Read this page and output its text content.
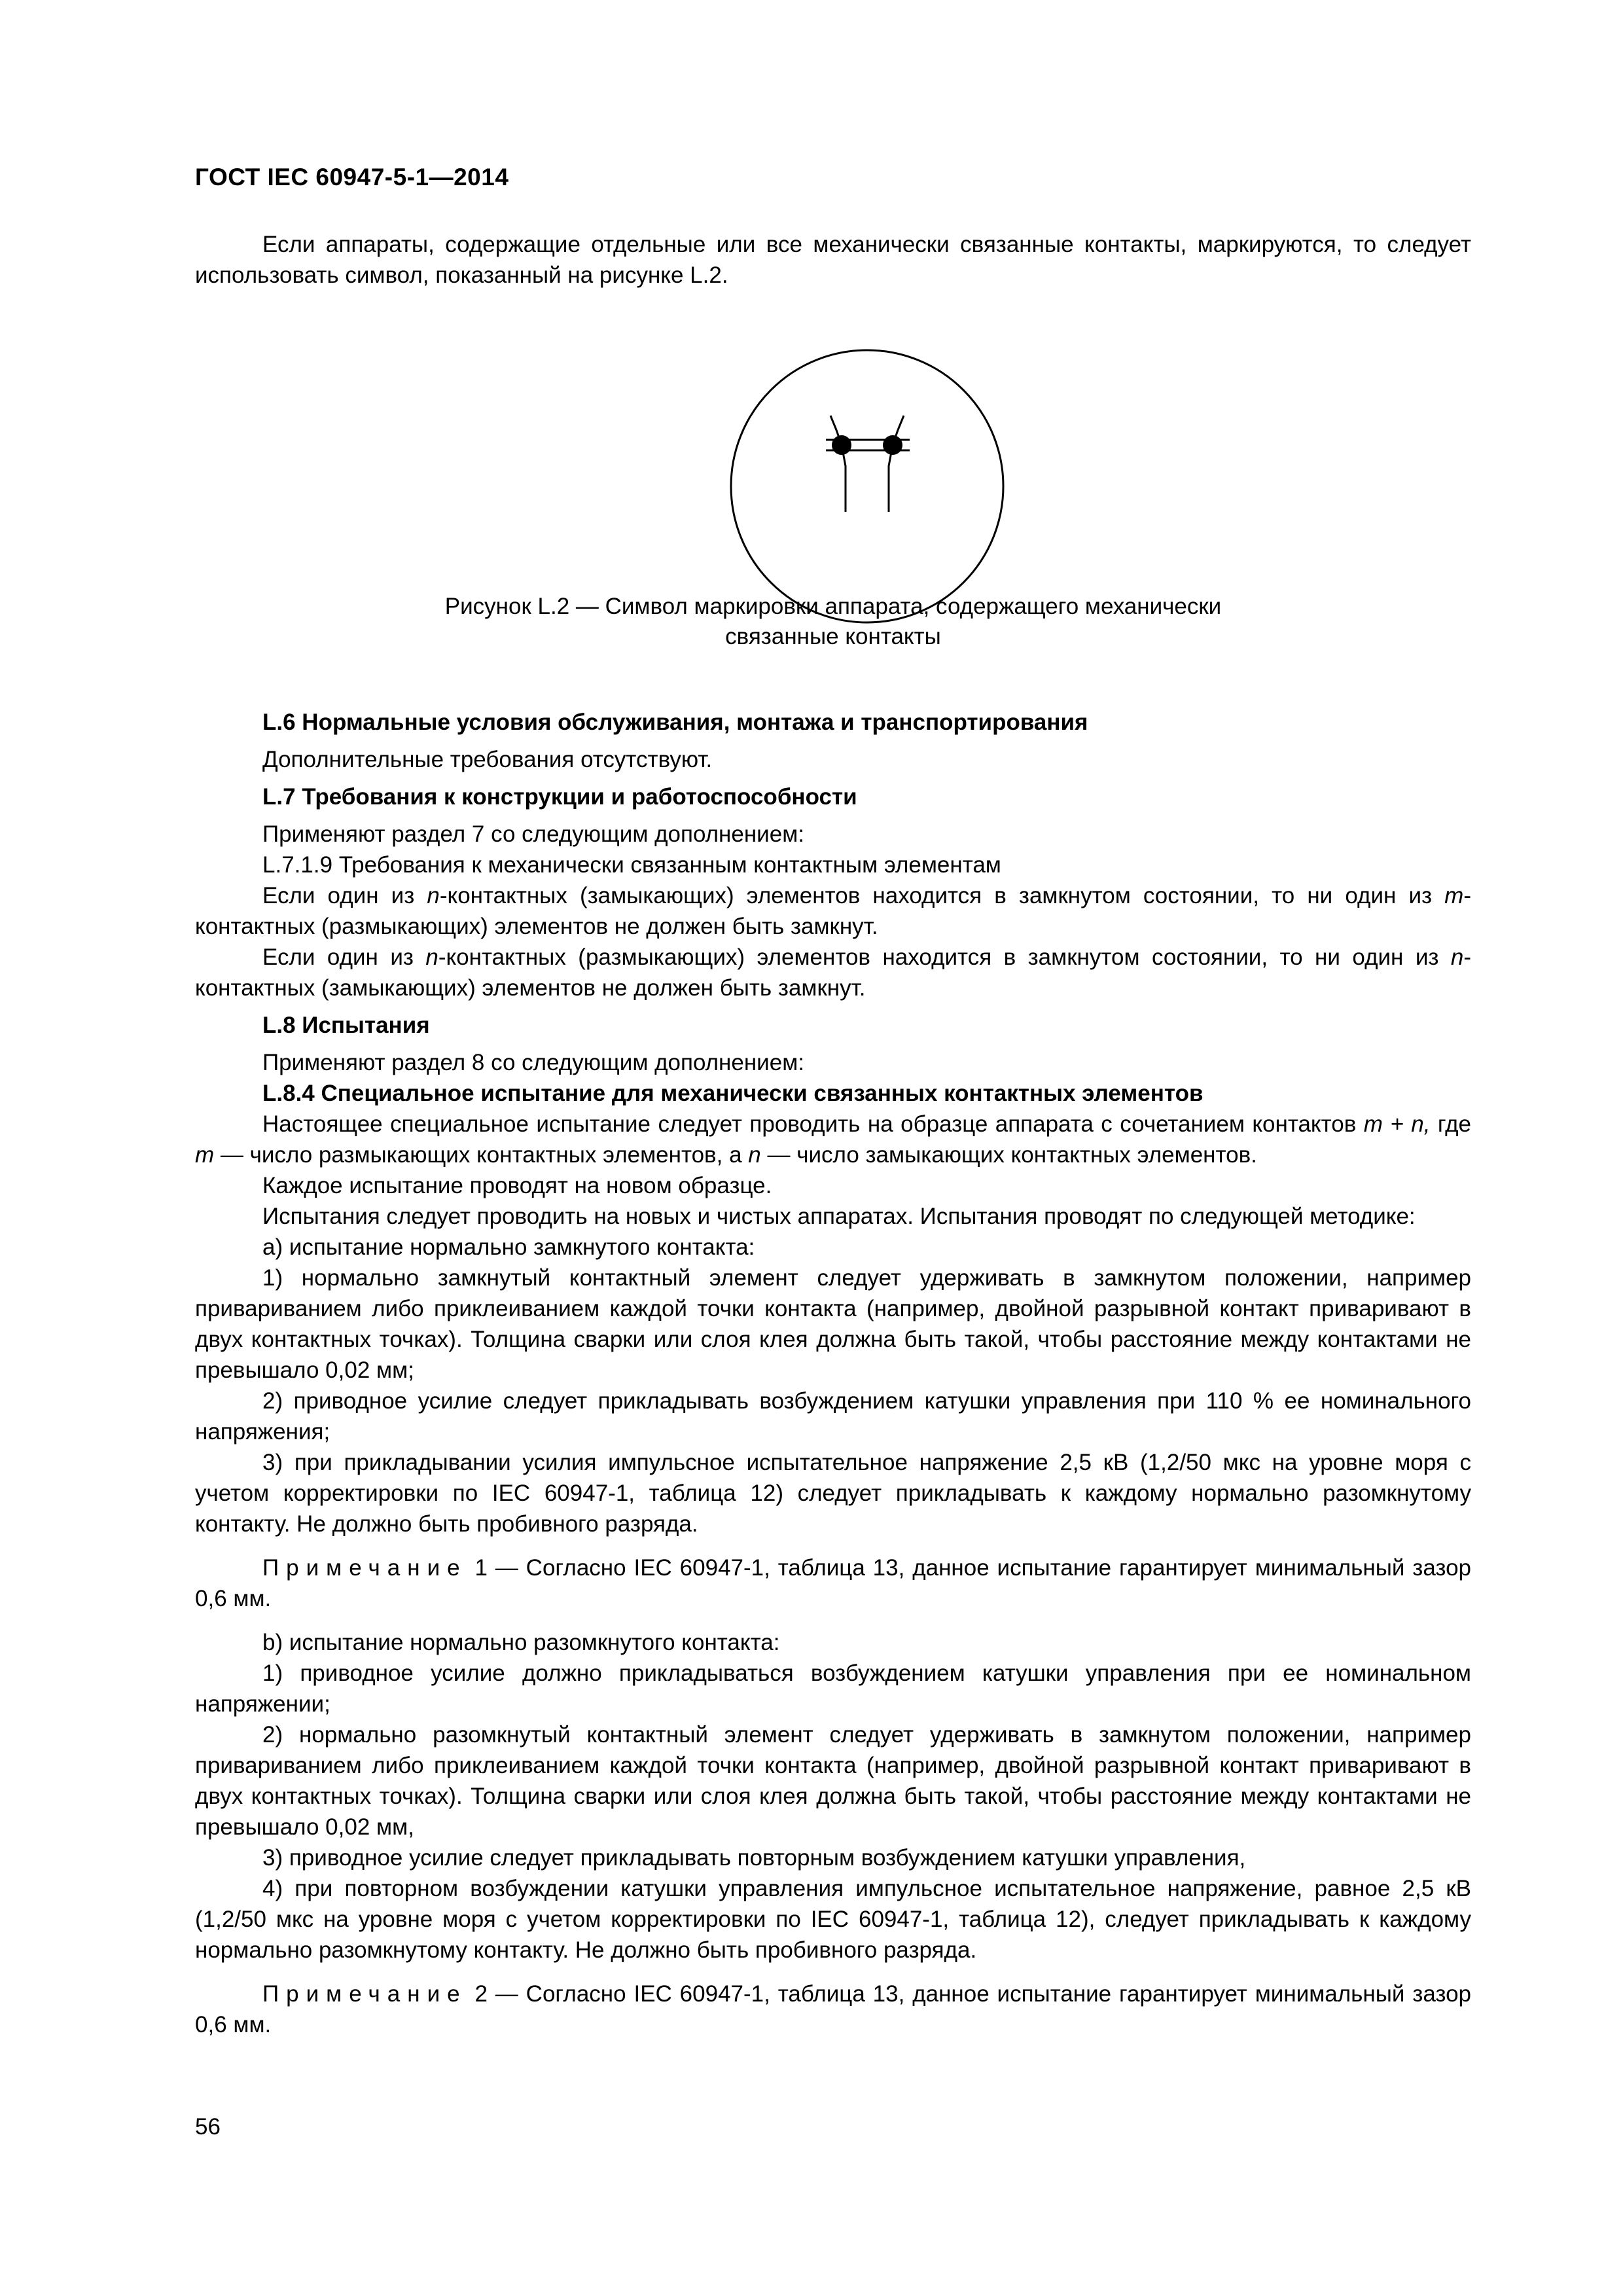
ГОСТ IEC 60947-5-1—2014

Если аппараты, содержащие отдельные или все механически связанные контакты, маркируются, то следует использовать символ, показанный на рисунке L.2.

Рисунок L.2 — Символ маркировки аппарата, содержащего механически
связанные контакты

L.6 Нормальные условия обслуживания, монтажа и транспортирования

Дополнительные требования отсутствуют.

L.7 Требования к конструкции и работоспособности

Применяют раздел 7 со следующим дополнением:

L.7.1.9 Требования к механически связанным контактным элементам

Если один из n-контактных (замыкающих) элементов находится в замкнутом состоянии, то ни один из m-контактных (размыкающих) элементов не должен быть замкнут.

Если один из n-контактных (размыкающих) элементов находится в замкнутом состоянии, то ни один из n-контактных (замыкающих) элементов не должен быть замкнут.

L.8 Испытания

Применяют раздел 8 со следующим дополнением:

L.8.4 Специальное испытание для механически связанных контактных элементов

Настоящее специальное испытание следует проводить на образце аппарата с сочетанием контактов m + n, где m — число размыкающих контактных элементов, а n — число замыкающих контактных элементов.

Каждое испытание проводят на новом образце.

Испытания следует проводить на новых и чистых аппаратах. Испытания проводят по следующей методике:

a) испытание нормально замкнутого контакта:

1) нормально замкнутый контактный элемент следует удерживать в замкнутом положении, например привариванием либо приклеиванием каждой точки контакта (например, двойной разрывной контакт приваривают в двух контактных точках). Толщина сварки или слоя клея должна быть такой, чтобы расстояние между контактами не превышало 0,02 мм;

2) приводное усилие следует прикладывать возбуждением катушки управления при 110 % ее номинального напряжения;

3) при прикладывании усилия импульсное испытательное напряжение 2,5 кВ (1,2/50 мкс на уровне моря с учетом корректировки по IEC 60947-1, таблица 12) следует прикладывать к каждому нормально разомкнутому контакту. Не должно быть пробивного разряда.

Примечание 1 — Согласно IEC 60947-1, таблица 13, данное испытание гарантирует минимальный зазор 0,6 мм.

b) испытание нормально разомкнутого контакта:

1) приводное усилие должно прикладываться возбуждением катушки управления при ее номинальном напряжении;

2) нормально разомкнутый контактный элемент следует удерживать в замкнутом положении, например привариванием либо приклеиванием каждой точки контакта (например, двойной разрывной контакт приваривают в двух контактных точках). Толщина сварки или слоя клея должна быть такой, чтобы расстояние между контактами не превышало 0,02 мм,

3) приводное усилие следует прикладывать повторным возбуждением катушки управления,

4) при повторном возбуждении катушки управления импульсное испытательное напряжение, равное 2,5 кВ (1,2/50 мкс на уровне моря с учетом корректировки по IEC 60947-1, таблица 12), следует прикладывать к каждому нормально разомкнутому контакту. Не должно быть пробивного разряда.

Примечание 2 — Согласно IEC 60947-1, таблица 13, данное испытание гарантирует минимальный зазор 0,6 мм.

56
